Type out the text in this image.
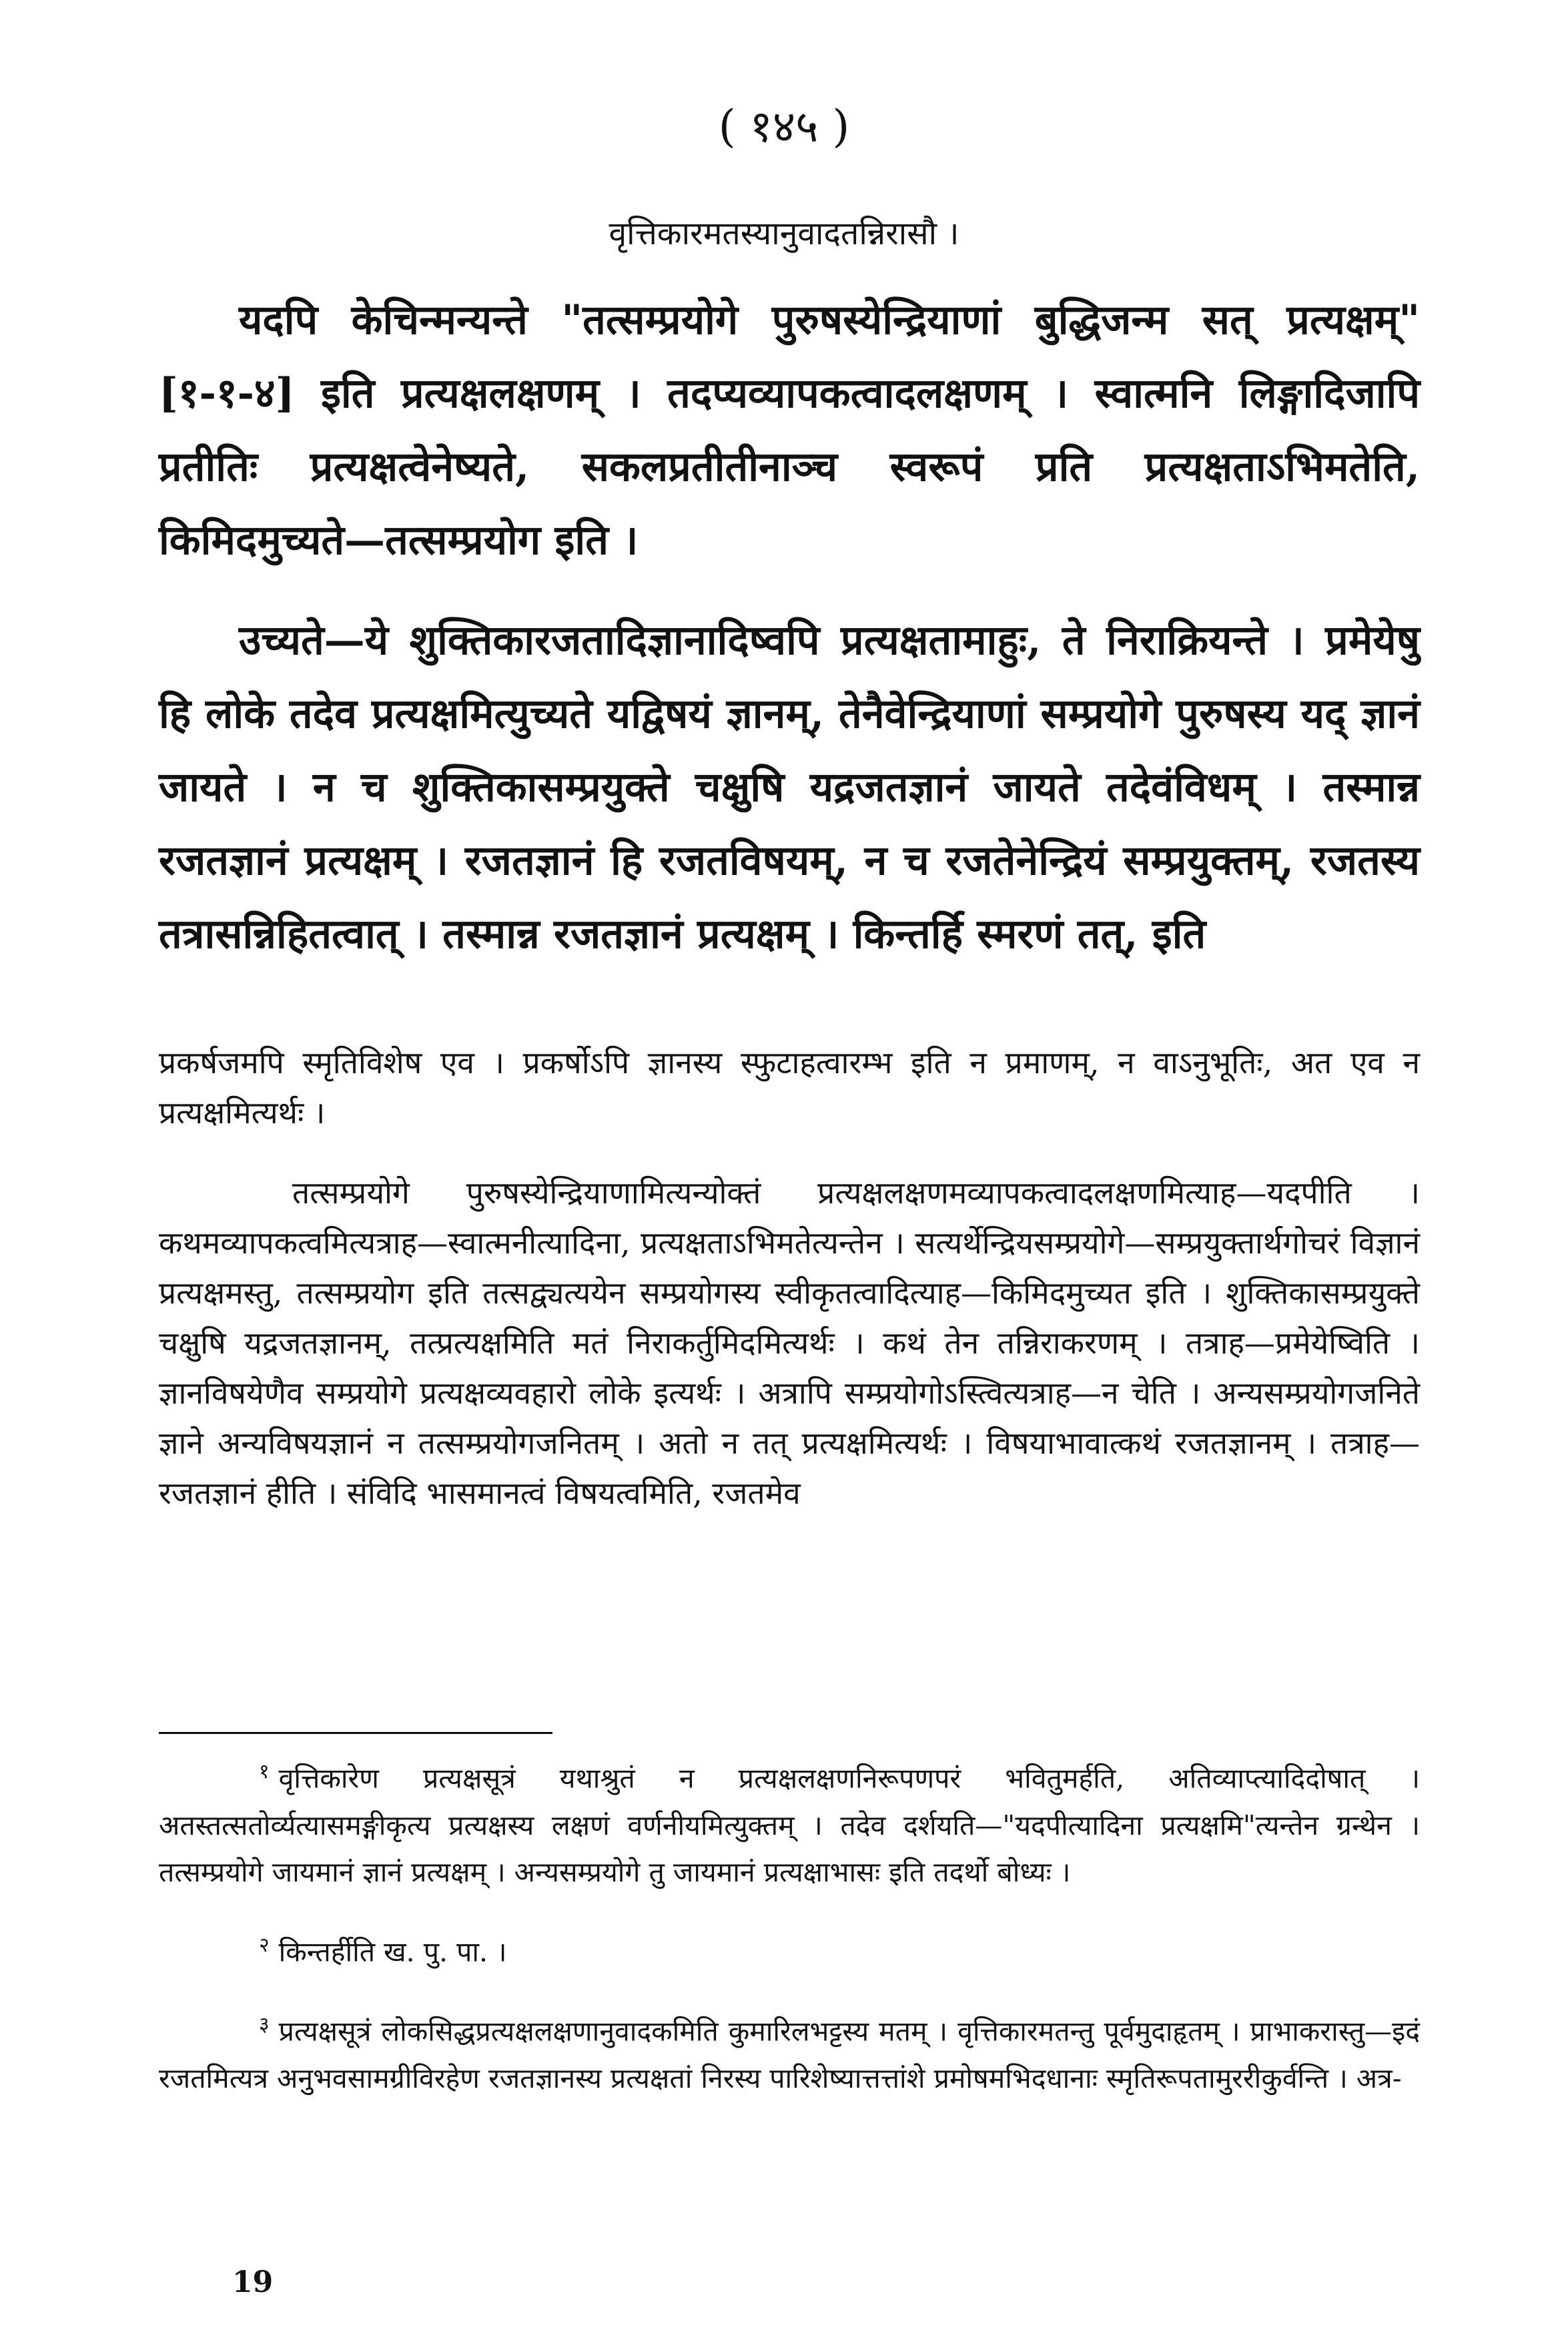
( १४५ )
वृत्तिकारमतस्यानुवादतन्निरासौ ।

यदपि केचिन्मन्यन्ते "तत्सम्प्रयोगे पुरुषस्येन्द्रियाणां बुद्धिजन्म सत् प्रत्यक्षम्" [१-१-४] इति प्रत्यक्षलक्षणम् । तदप्यव्यापकत्वादलक्षणम् । स्वात्मनि लिङ्गादिजापि प्रतीतिः प्रत्यक्षत्वेनेष्यते, सकलप्रतीतीनाञ्च स्वरूपं प्रति प्रत्यक्षताऽभिमतेति, किमिदमुच्यते—तत्सम्प्रयोग इति ।

उच्यते—ये शुक्तिकारजतादिज्ञानादिष्वपि प्रत्यक्षतामाहुः, ते निराक्रियन्ते । प्रमेयेषु हि लोके तदेव प्रत्यक्षमित्युच्यते यद्विषयं ज्ञानम्, तेनैवेन्द्रियाणां सम्प्रयोगे पुरुषस्य यद् ज्ञानं जायते । न च शुक्तिकासम्प्रयुक्ते चक्षुषि यद्रजतज्ञानं जायते तदेवंविधम् । तस्मान्न रजतज्ञानं प्रत्यक्षम् । रजतज्ञानं हि रजतविषयम्, न च रजतेनेन्द्रियं सम्प्रयुक्तम्, रजतस्य तत्रासन्निहितत्वात् । तस्मान्न रजतज्ञानं प्रत्यक्षम् । किन्तर्हि स्मरणं तत्, इति

प्रकर्षजमपि स्मृतिविशेष एव । प्रकर्षोऽपि ज्ञानस्य स्फुटाहत्वारम्भ इति न प्रमाणम्, न वाऽनुभूतिः, अत एव न प्रत्यक्षमित्यर्थः ।

तत्सम्प्रयोगे पुरुषस्येन्द्रियाणामित्यन्योक्तं प्रत्यक्षलक्षणमव्यापकत्वादलक्षणमित्याह—यदपीति । कथमव्यापकत्वमित्यत्राह—स्वात्मनीत्यादिना, प्रत्यक्षताऽभिमतेत्यन्तेन । सत्यर्थेन्द्रियसम्प्रयोगे—सम्प्रयुक्तार्थगोचरं विज्ञानं प्रत्यक्षमस्तु, तत्सम्प्रयोग इति तत्सद्व्यत्ययेन सम्प्रयोगस्य स्वीकृतत्वादित्याह—किमिदमुच्यत इति । शुक्तिकासम्प्रयुक्ते चक्षुषि यद्रजतज्ञानम्, तत्प्रत्यक्षमिति मतं निराकर्तुमिदमित्यर्थः । कथं तेन तन्निराकरणम् । तत्राह—प्रमेयेष्विति । ज्ञानविषयेणैव सम्प्रयोगे प्रत्यक्षव्यवहारो लोके इत्यर्थः । अत्रापि सम्प्रयोगोऽस्त्वित्यत्राह—न चेति । अन्यसम्प्रयोगजनिते ज्ञाने अन्यविषयज्ञानं न तत्सम्प्रयोगजनितम् । अतो न तत् प्रत्यक्षमित्यर्थः । विषयाभावात्कथं रजतज्ञानम् । तत्राह—रजतज्ञानं हीति । संविदि भासमानत्वं विषयत्वमिति, रजतमेव

$^१$ वृत्तिकारेण प्रत्यक्षसूत्रं यथाश्रुतं न प्रत्यक्षलक्षणनिरूपणपरं भवितुमर्हति, अतिव्याप्त्यादिदोषात् । अतस्तत्सतोर्व्यत्यासमङ्गीकृत्य प्रत्यक्षस्य लक्षणं वर्णनीयमित्युक्तम् । तदेव दर्शयति—"यदपीत्यादिना प्रत्यक्षमि"त्यन्तेन ग्रन्थेन । तत्सम्प्रयोगे जायमानं ज्ञानं प्रत्यक्षम् । अन्यसम्प्रयोगे तु जायमानं प्रत्यक्षाभासः इति तदर्थो बोध्यः ।

$^२$ किन्तर्हीति ख. पु. पा. ।

$^३$ प्रत्यक्षसूत्रं लोकसिद्धप्रत्यक्षलक्षणानुवादकमिति कुमारिलभट्टस्य मतम् । वृत्तिकारमतन्तु पूर्वमुदाहृतम् । प्राभाकरास्तु—इदं रजतमित्यत्र अनुभवसामग्रीविरहेण रजतज्ञानस्य प्रत्यक्षतां निरस्य पारिशेष्यात्तत्तांशे प्रमोषमभिदधानाः स्मृतिरूपतामुररीकुर्वन्ति । अत्र-

19
